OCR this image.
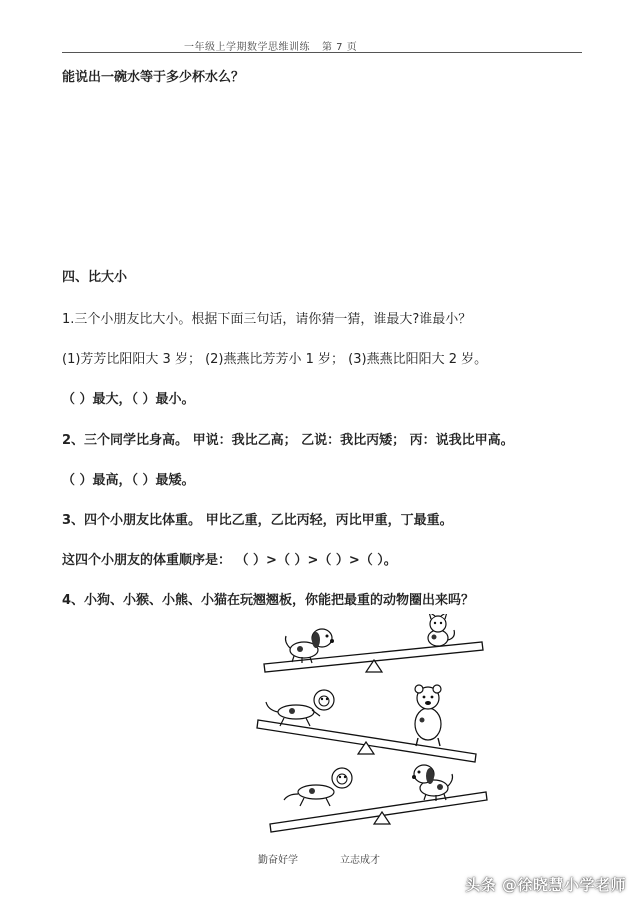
一年级上学期数学思维训练 第 7 页
能说出一碗水等于多少杯水么？
四、比大小
1.三个小朋友比大小。根据下面三句话，请你猜一猜，谁最大?谁最小？
(1)芳芳比阳阳大 3 岁； (2)燕燕比芳芳小 1 岁； (3)燕燕比阳阳大 2 岁。
（ ）最大，（ ）最小。
2、三个同学比身高。 甲说：我比乙高； 乙说：我比丙矮； 丙：说我比甲高。
（ ）最高，（ ）最矮。
3、四个小朋友比体重。 甲比乙重，乙比丙轻，丙比甲重，丁最重。
这四个小朋友的体重顺序是： （ ）>（ ）>（ ）>（ ）。
4、小狗、小猴、小熊、小猫在玩翘翘板，你能把最重的动物圈出来吗？
勤奋好学	立志成才
头条 @徐晓慧小学老师
